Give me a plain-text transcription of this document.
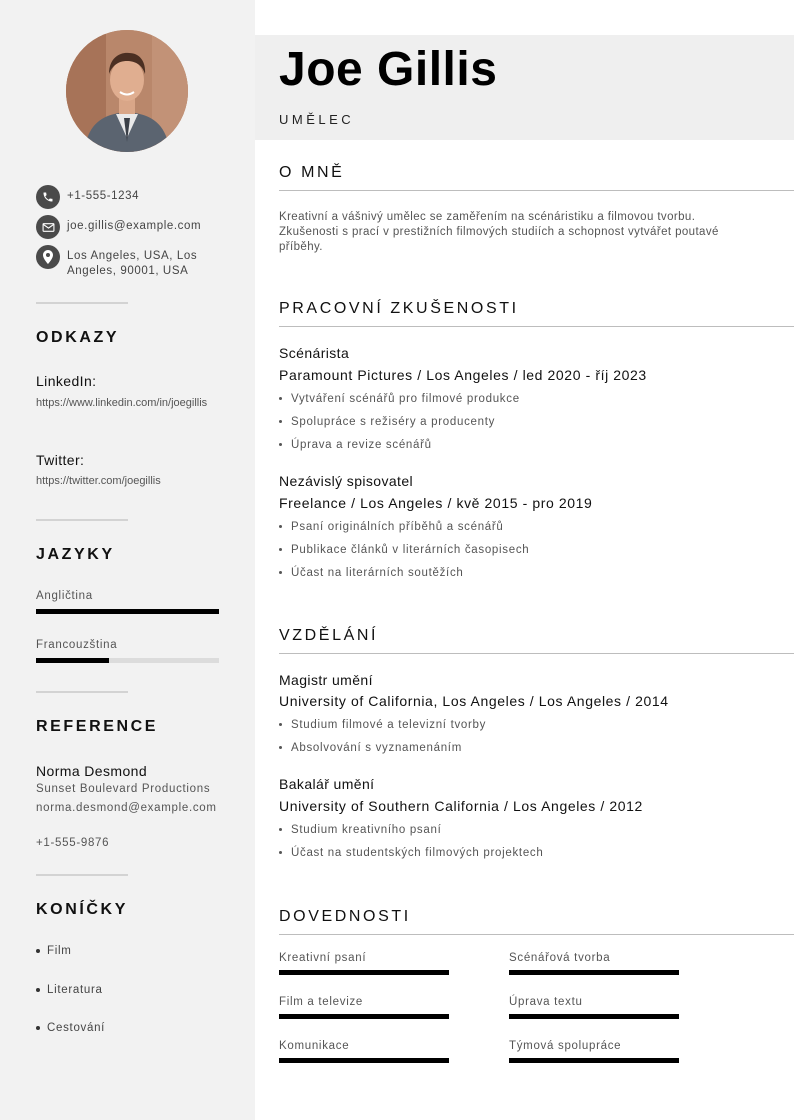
+1-555-1234
joe.gillis@example.com
Los Angeles, USA, Los Angeles, 90001, USA
ODKAZY
LinkedIn:
https://www.linkedin.com/in/joegillis
Twitter:
https://twitter.com/joegillis
JAZYKY
Angličtina
Francouzština
REFERENCE
Norma Desmond
Sunset Boulevard Productions
norma.desmond@example.com
+1-555-9876
KONÍČKY
Film
Literatura
Cestování
Joe Gillis
UMĚLEC
O MNĚ
Kreativní a vášnivý umělec se zaměřením na scénáristiku a filmovou tvorbu. Zkušenosti s prací v prestižních filmových studiích a schopnost vytvářet poutavé příběhy.
PRACOVNÍ ZKUŠENOSTI
Scénárista
Paramount Pictures / Los Angeles / led 2020 - říj 2023
Vytváření scénářů pro filmové produkce
Spolupráce s režiséry a producenty
Úprava a revize scénářů
Nezávislý spisovatel
Freelance / Los Angeles / kvě 2015 - pro 2019
Psaní originálních příběhů a scénářů
Publikace článků v literárních časopisech
Účast na literárních soutěžích
VZDĚLÁNÍ
Magistr umění
University of California, Los Angeles / Los Angeles / 2014
Studium filmové a televizní tvorby
Absolvování s vyznamenáním
Bakalář umění
University of Southern California / Los Angeles / 2012
Studium kreativního psaní
Účast na studentských filmových projektech
DOVEDNOSTI
Kreativní psaní	Scénářová tvorba
Film a televize	Úprava textu
Komunikace	Týmová spolupráce
